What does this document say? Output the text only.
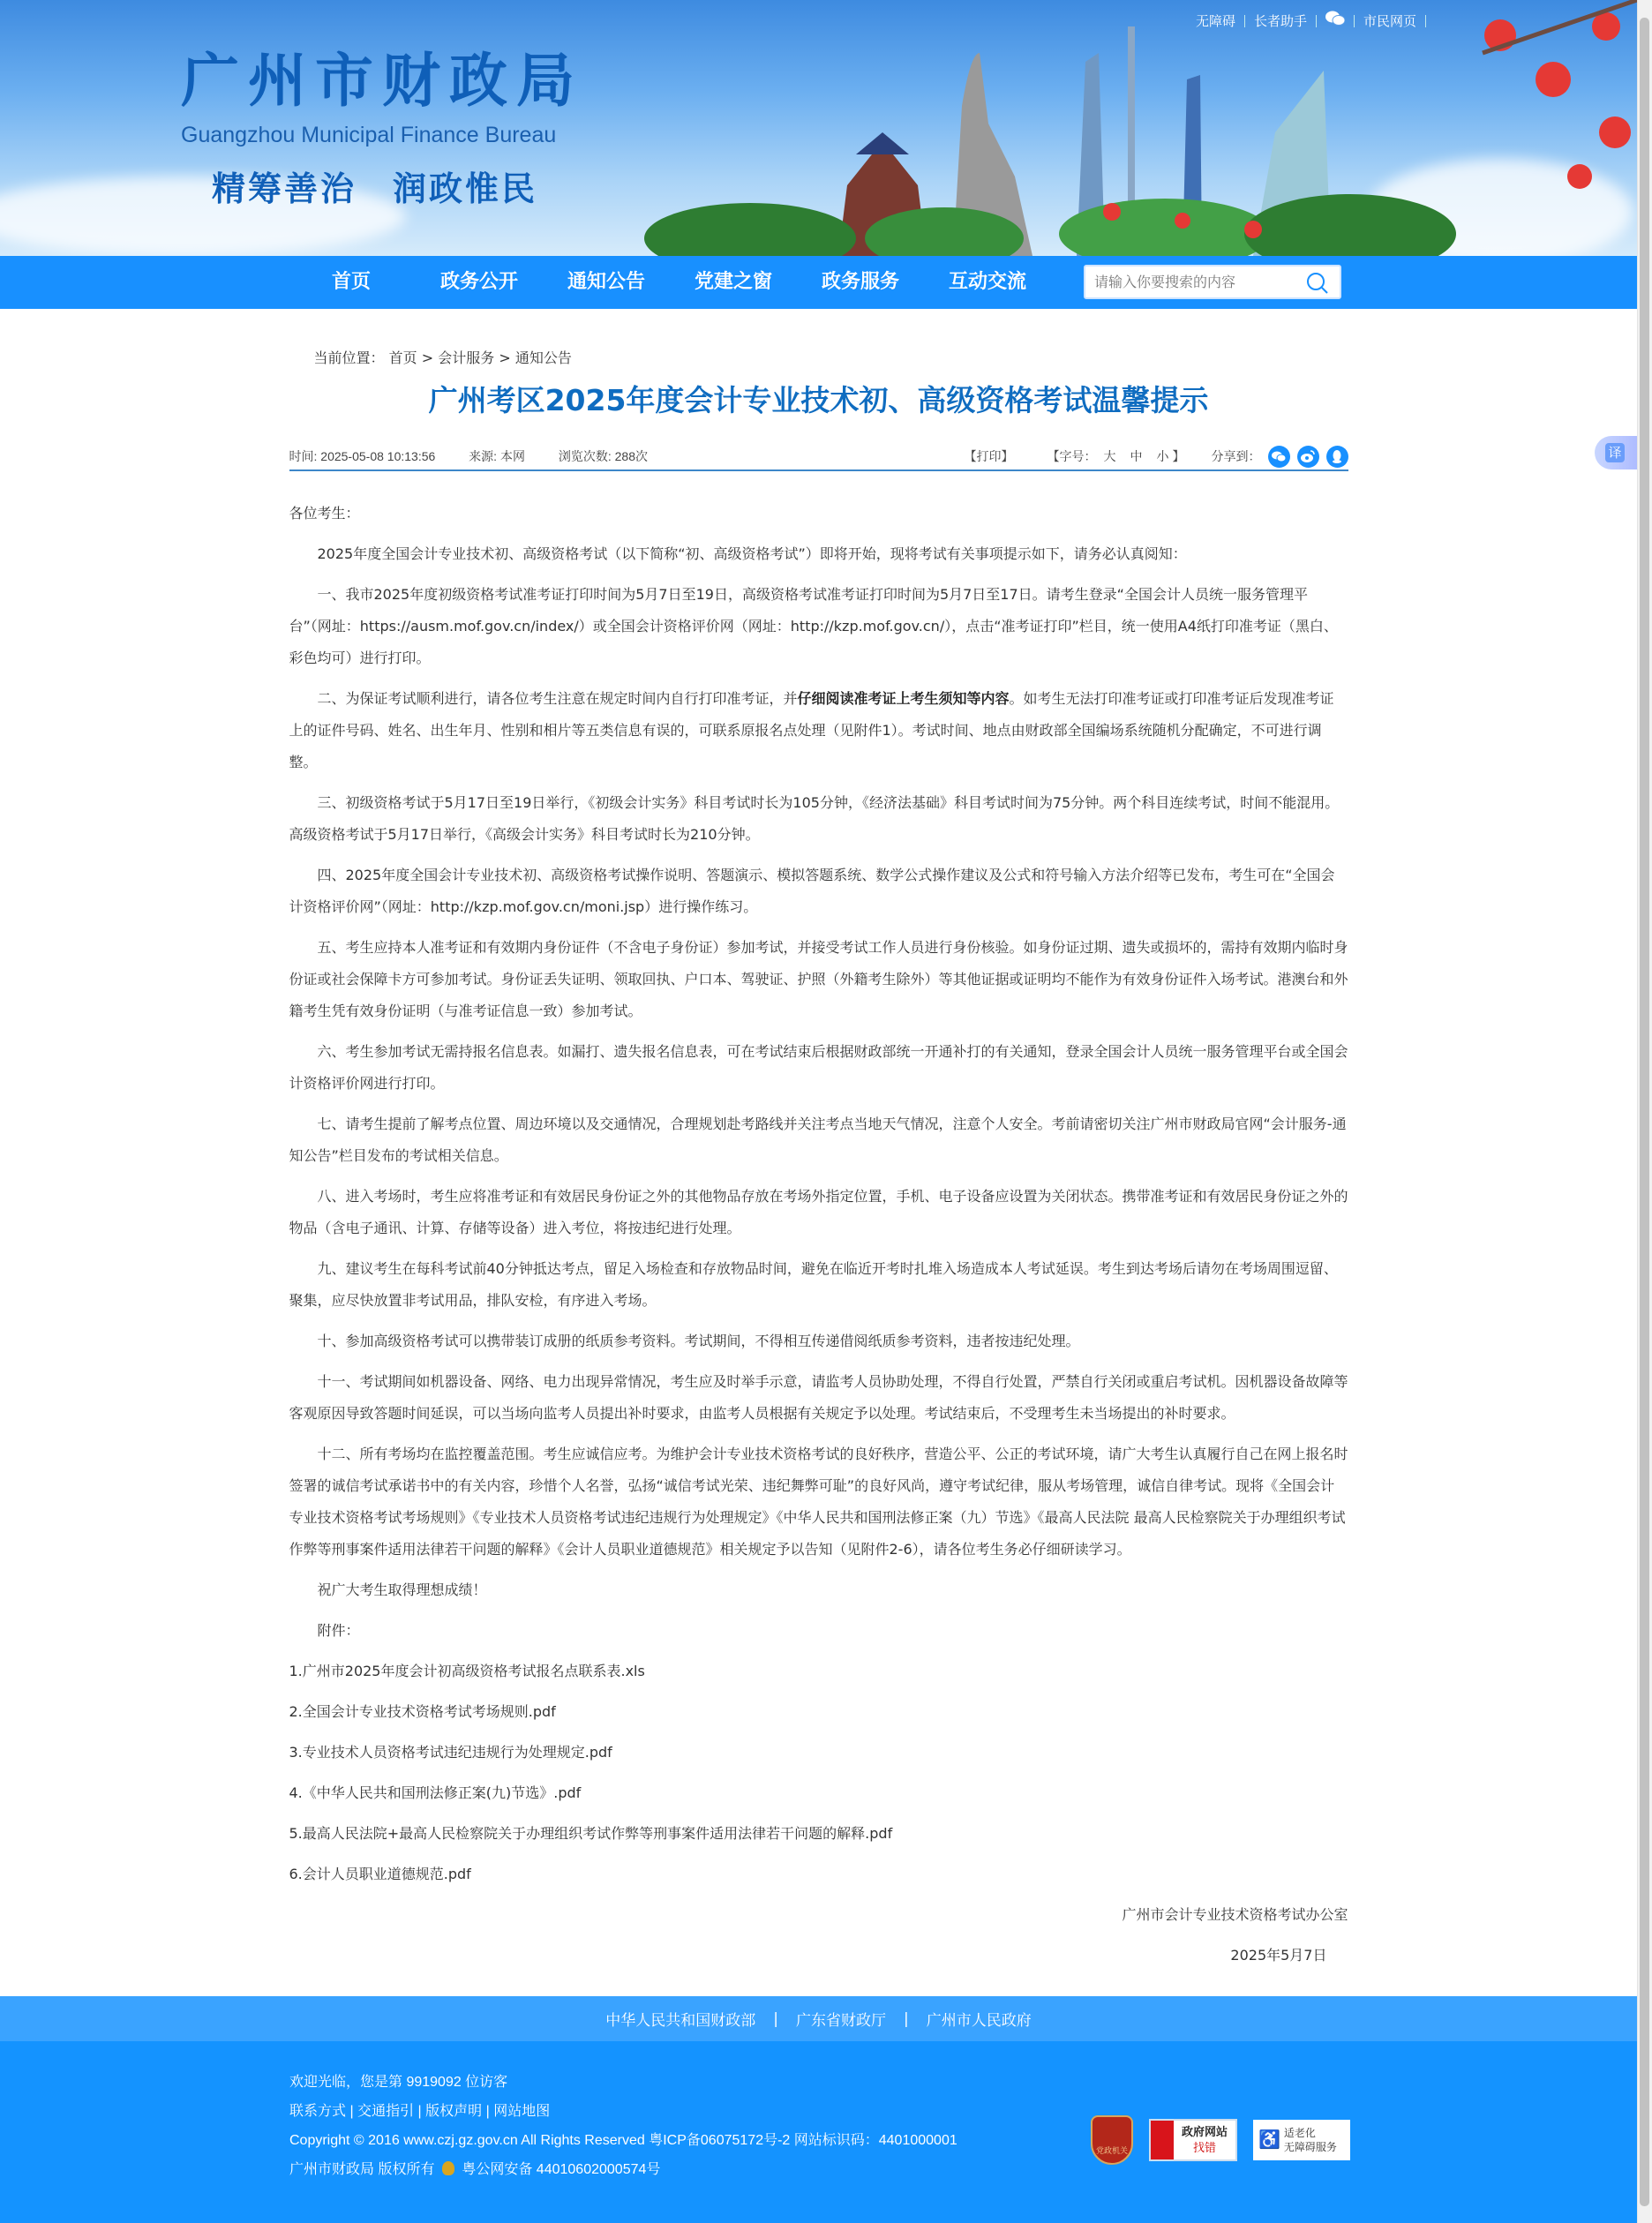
广州市财政局
Guangzhou Municipal Finance Bureau
精筹善治　润政惟民
无障碍 长者助手	市民网页
首页	政务公开	通知公告	党建之窗	政务服务	互动交流
请输入你要搜索的内容
当前位置： 首页 > 会计服务 > 通知公告
广州考区2025年度会计专业技术初、高级资格考试温馨提示
时间: 2025-05-08 10:13:56	来源: 本网	浏览次数: 288次	【打印】	【字号： 大 中 小 】 分享到：

各位考生：

2025年度全国会计专业技术初、高级资格考试（以下简称“初、高级资格考试”）即将开始，现将考试有关事项提示如下，请务必认真阅知：

一、我市2025年度初级资格考试准考证打印时间为5月7日至19日，高级资格考试准考证打印时间为5月7日至17日。请考生登录“全国会计人员统一服务管理平台”（网址：https://ausm.mof.gov.cn/index/）或全国会计资格评价网（网址：http://kzp.mof.gov.cn/），点击“准考证打印”栏目，统一使用A4纸打印准考证（黑白、彩色均可）进行打印。

二、为保证考试顺利进行，请各位考生注意在规定时间内自行打印准考证，并仔细阅读准考证上考生须知等内容。如考生无法打印准考证或打印准考证后发现准考证上的证件号码、姓名、出生年月、性别和相片等五类信息有误的，可联系原报名点处理（见附件1）。考试时间、地点由财政部全国编场系统随机分配确定，不可进行调整。

三、初级资格考试于5月17日至19日举行，《初级会计实务》科目考试时长为105分钟，《经济法基础》科目考试时间为75分钟。两个科目连续考试，时间不能混用。高级资格考试于5月17日举行，《高级会计实务》科目考试时长为210分钟。

四、2025年度全国会计专业技术初、高级资格考试操作说明、答题演示、模拟答题系统、数学公式操作建议及公式和符号输入方法介绍等已发布，考生可在“全国会计资格评价网”（网址：http://kzp.mof.gov.cn/moni.jsp）进行操作练习。

五、考生应持本人准考证和有效期内身份证件（不含电子身份证）参加考试，并接受考试工作人员进行身份核验。如身份证过期、遗失或损坏的，需持有效期内临时身份证或社会保障卡方可参加考试。身份证丢失证明、领取回执、户口本、驾驶证、护照（外籍考生除外）等其他证据或证明均不能作为有效身份证件入场考试。港澳台和外籍考生凭有效身份证明（与准考证信息一致）参加考试。

六、考生参加考试无需持报名信息表。如漏打、遗失报名信息表，可在考试结束后根据财政部统一开通补打的有关通知，登录全国会计人员统一服务管理平台或全国会计资格评价网进行打印。

七、请考生提前了解考点位置、周边环境以及交通情况，合理规划赴考路线并关注考点当地天气情况，注意个人安全。考前请密切关注广州市财政局官网“会计服务-通知公告”栏目发布的考试相关信息。

八、进入考场时，考生应将准考证和有效居民身份证之外的其他物品存放在考场外指定位置，手机、电子设备应设置为关闭状态。携带准考证和有效居民身份证之外的物品（含电子通讯、计算、存储等设备）进入考位，将按违纪进行处理。

九、建议考生在每科考试前40分钟抵达考点，留足入场检查和存放物品时间，避免在临近开考时扎堆入场造成本人考试延误。考生到达考场后请勿在考场周围逗留、聚集，应尽快放置非考试用品，排队安检，有序进入考场。

十、参加高级资格考试可以携带装订成册的纸质参考资料。考试期间，不得相互传递借阅纸质参考资料，违者按违纪处理。

十一、考试期间如机器设备、网络、电力出现异常情况，考生应及时举手示意，请监考人员协助处理，不得自行处置，严禁自行关闭或重启考试机。因机器设备故障等客观原因导致答题时间延误，可以当场向监考人员提出补时要求，由监考人员根据有关规定予以处理。考试结束后，不受理考生未当场提出的补时要求。

十二、所有考场均在监控覆盖范围。考生应诚信应考。为维护会计专业技术资格考试的良好秩序，营造公平、公正的考试环境，请广大考生认真履行自己在网上报名时签署的诚信考试承诺书中的有关内容，珍惜个人名誉，弘扬“诚信考试光荣、违纪舞弊可耻”的良好风尚，遵守考试纪律，服从考场管理，诚信自律考试。现将《全国会计专业技术资格考试考场规则》《专业技术人员资格考试违纪违规行为处理规定》《中华人民共和国刑法修正案（九）节选》《最高人民法院 最高人民检察院关于办理组织考试作弊等刑事案件适用法律若干问题的解释》《会计人员职业道德规范》相关规定予以告知（见附件2-6），请各位考生务必仔细研读学习。

祝广大考生取得理想成绩！

附件：

1.广州市2025年度会计初高级资格考试报名点联系表.xls

2.全国会计专业技术资格考试考场规则.pdf

3.专业技术人员资格考试违纪违规行为处理规定.pdf

4.《中华人民共和国刑法修正案(九)节选》.pdf

5.最高人民法院+最高人民检察院关于办理组织考试作弊等刑事案件适用法律若干问题的解释.pdf

6.会计人员职业道德规范.pdf

广州市会计专业技术资格考试办公室

2025年5月7日

中华人民共和国财政部 | 广东省财政厅 | 广州市人民政府
欢迎光临，您是第 9919092 位访客
联系方式 | 交通指引 | 版权声明 | 网站地图
Copyright © 2016 www.czj.gz.gov.cn All Rights Reserved 粤ICP备06075172号-2 网站标识码：4401000001
广州市财政局 版权所有 粤公网安备 44010602000574号
党政机关
政府网站
找错 ♿ 适老化
无障碍服务
译
